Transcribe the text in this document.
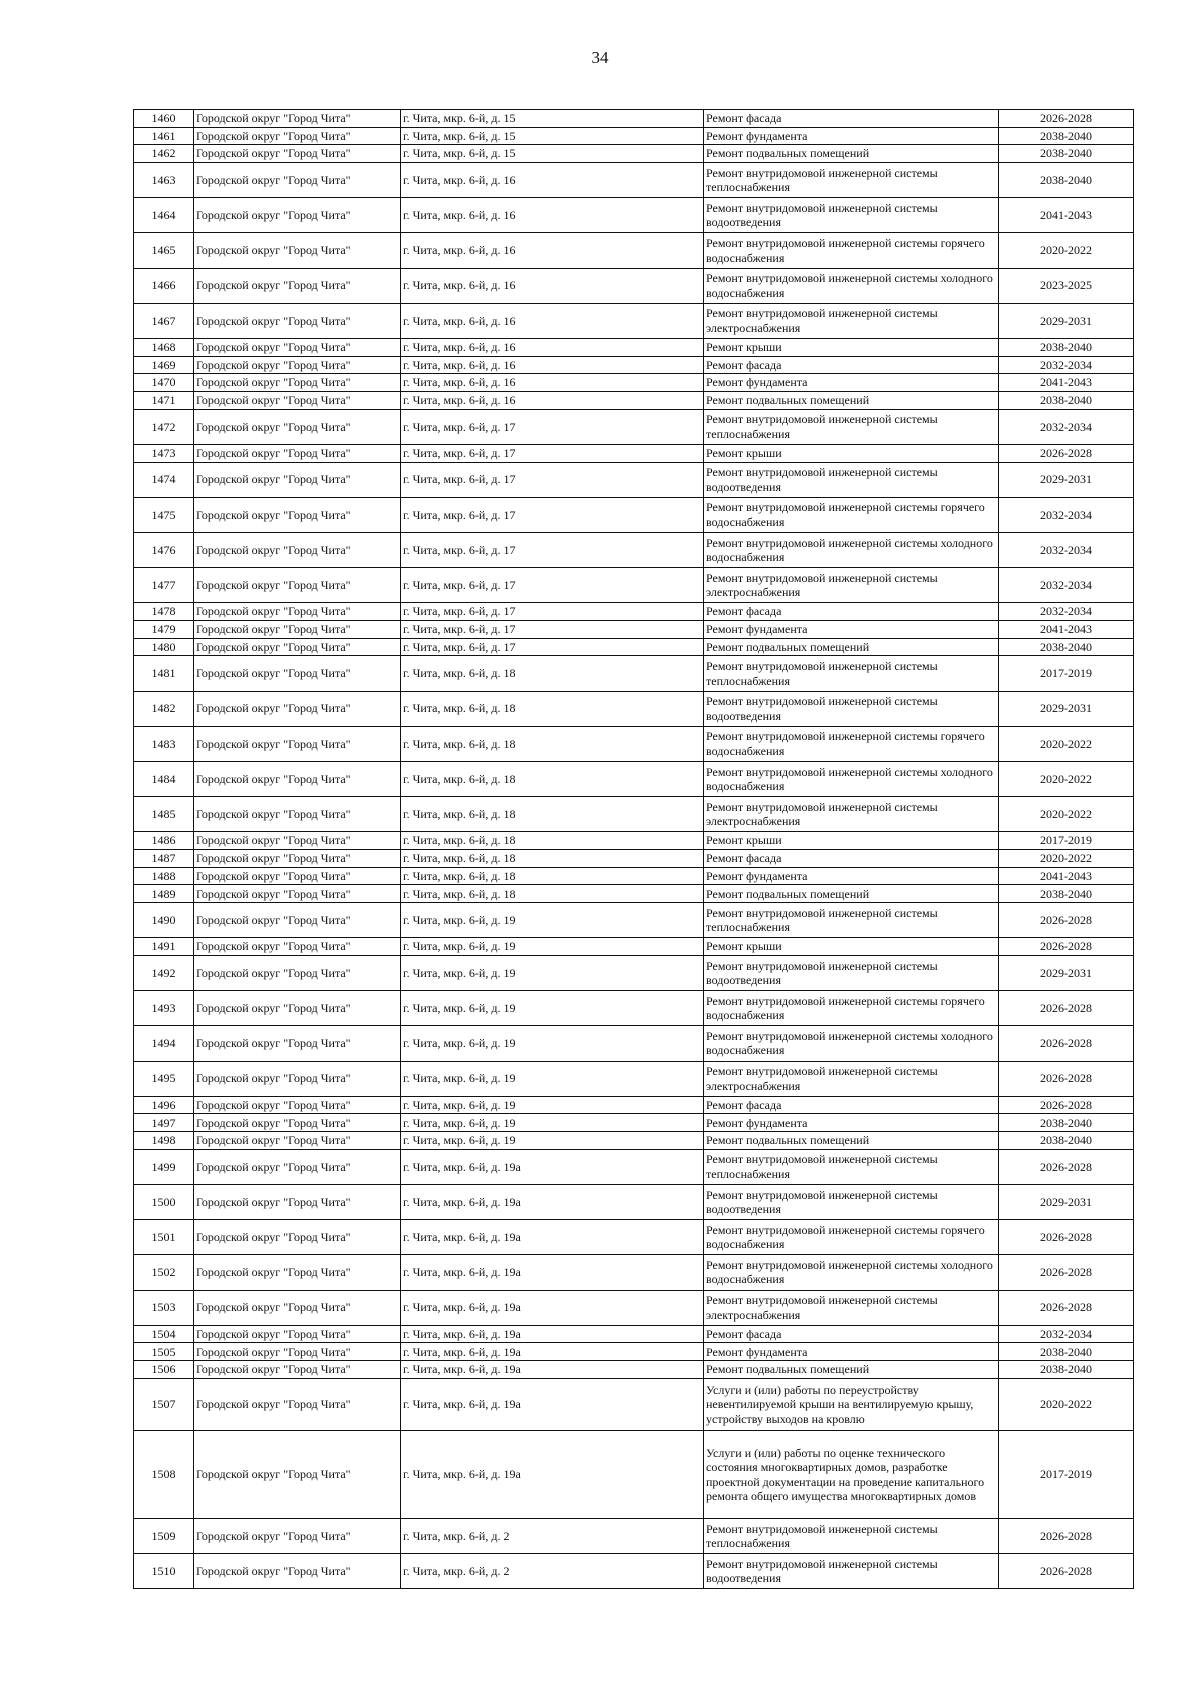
34
1460	Городской округ "Город Чита"	г. Чита, мкр. 6-й, д. 15	Ремонт фасада	2026-2028
1461	Городской округ "Город Чита"	г. Чита, мкр. 6-й, д. 15	Ремонт фундамента	2038-2040
1462	Городской округ "Город Чита"	г. Чита, мкр. 6-й, д. 15	Ремонт подвальных помещений	2038-2040
1463	Городской округ "Город Чита"	г. Чита, мкр. 6-й, д. 16	Ремонт внутридомовой инженерной системы теплоснабжения	2038-2040
1464	Городской округ "Город Чита"	г. Чита, мкр. 6-й, д. 16	Ремонт внутридомовой инженерной системы водоотведения	2041-2043
1465	Городской округ "Город Чита"	г. Чита, мкр. 6-й, д. 16	Ремонт внутридомовой инженерной системы горячего водоснабжения	2020-2022
1466	Городской округ "Город Чита"	г. Чита, мкр. 6-й, д. 16	Ремонт внутридомовой инженерной системы холодного водоснабжения	2023-2025
1467	Городской округ "Город Чита"	г. Чита, мкр. 6-й, д. 16	Ремонт внутридомовой инженерной системы электроснабжения	2029-2031
1468	Городской округ "Город Чита"	г. Чита, мкр. 6-й, д. 16	Ремонт крыши	2038-2040
1469	Городской округ "Город Чита"	г. Чита, мкр. 6-й, д. 16	Ремонт фасада	2032-2034
1470	Городской округ "Город Чита"	г. Чита, мкр. 6-й, д. 16	Ремонт фундамента	2041-2043
1471	Городской округ "Город Чита"	г. Чита, мкр. 6-й, д. 16	Ремонт подвальных помещений	2038-2040
1472	Городской округ "Город Чита"	г. Чита, мкр. 6-й, д. 17	Ремонт внутридомовой инженерной системы теплоснабжения	2032-2034
1473	Городской округ "Город Чита"	г. Чита, мкр. 6-й, д. 17	Ремонт крыши	2026-2028
1474	Городской округ "Город Чита"	г. Чита, мкр. 6-й, д. 17	Ремонт внутридомовой инженерной системы водоотведения	2029-2031
1475	Городской округ "Город Чита"	г. Чита, мкр. 6-й, д. 17	Ремонт внутридомовой инженерной системы горячего водоснабжения	2032-2034
1476	Городской округ "Город Чита"	г. Чита, мкр. 6-й, д. 17	Ремонт внутридомовой инженерной системы холодного водоснабжения	2032-2034
1477	Городской округ "Город Чита"	г. Чита, мкр. 6-й, д. 17	Ремонт внутридомовой инженерной системы электроснабжения	2032-2034
1478	Городской округ "Город Чита"	г. Чита, мкр. 6-й, д. 17	Ремонт фасада	2032-2034
1479	Городской округ "Город Чита"	г. Чита, мкр. 6-й, д. 17	Ремонт фундамента	2041-2043
1480	Городской округ "Город Чита"	г. Чита, мкр. 6-й, д. 17	Ремонт подвальных помещений	2038-2040
1481	Городской округ "Город Чита"	г. Чита, мкр. 6-й, д. 18	Ремонт внутридомовой инженерной системы теплоснабжения	2017-2019
1482	Городской округ "Город Чита"	г. Чита, мкр. 6-й, д. 18	Ремонт внутридомовой инженерной системы водоотведения	2029-2031
1483	Городской округ "Город Чита"	г. Чита, мкр. 6-й, д. 18	Ремонт внутридомовой инженерной системы горячего водоснабжения	2020-2022
1484	Городской округ "Город Чита"	г. Чита, мкр. 6-й, д. 18	Ремонт внутридомовой инженерной системы холодного водоснабжения	2020-2022
1485	Городской округ "Город Чита"	г. Чита, мкр. 6-й, д. 18	Ремонт внутридомовой инженерной системы электроснабжения	2020-2022
1486	Городской округ "Город Чита"	г. Чита, мкр. 6-й, д. 18	Ремонт крыши	2017-2019
1487	Городской округ "Город Чита"	г. Чита, мкр. 6-й, д. 18	Ремонт фасада	2020-2022
1488	Городской округ "Город Чита"	г. Чита, мкр. 6-й, д. 18	Ремонт фундамента	2041-2043
1489	Городской округ "Город Чита"	г. Чита, мкр. 6-й, д. 18	Ремонт подвальных помещений	2038-2040
1490	Городской округ "Город Чита"	г. Чита, мкр. 6-й, д. 19	Ремонт внутридомовой инженерной системы теплоснабжения	2026-2028
1491	Городской округ "Город Чита"	г. Чита, мкр. 6-й, д. 19	Ремонт крыши	2026-2028
1492	Городской округ "Город Чита"	г. Чита, мкр. 6-й, д. 19	Ремонт внутридомовой инженерной системы водоотведения	2029-2031
1493	Городской округ "Город Чита"	г. Чита, мкр. 6-й, д. 19	Ремонт внутридомовой инженерной системы горячего водоснабжения	2026-2028
1494	Городской округ "Город Чита"	г. Чита, мкр. 6-й, д. 19	Ремонт внутридомовой инженерной системы холодного водоснабжения	2026-2028
1495	Городской округ "Город Чита"	г. Чита, мкр. 6-й, д. 19	Ремонт внутридомовой инженерной системы электроснабжения	2026-2028
1496	Городской округ "Город Чита"	г. Чита, мкр. 6-й, д. 19	Ремонт фасада	2026-2028
1497	Городской округ "Город Чита"	г. Чита, мкр. 6-й, д. 19	Ремонт фундамента	2038-2040
1498	Городской округ "Город Чита"	г. Чита, мкр. 6-й, д. 19	Ремонт подвальных помещений	2038-2040
1499	Городской округ "Город Чита"	г. Чита, мкр. 6-й, д. 19а	Ремонт внутридомовой инженерной системы теплоснабжения	2026-2028
1500	Городской округ "Город Чита"	г. Чита, мкр. 6-й, д. 19а	Ремонт внутридомовой инженерной системы водоотведения	2029-2031
1501	Городской округ "Город Чита"	г. Чита, мкр. 6-й, д. 19а	Ремонт внутридомовой инженерной системы горячего водоснабжения	2026-2028
1502	Городской округ "Город Чита"	г. Чита, мкр. 6-й, д. 19а	Ремонт внутридомовой инженерной системы холодного водоснабжения	2026-2028
1503	Городской округ "Город Чита"	г. Чита, мкр. 6-й, д. 19а	Ремонт внутридомовой инженерной системы электроснабжения	2026-2028
1504	Городской округ "Город Чита"	г. Чита, мкр. 6-й, д. 19а	Ремонт фасада	2032-2034
1505	Городской округ "Город Чита"	г. Чита, мкр. 6-й, д. 19а	Ремонт фундамента	2038-2040
1506	Городской округ "Город Чита"	г. Чита, мкр. 6-й, д. 19а	Ремонт подвальных помещений	2038-2040
1507	Городской округ "Город Чита"	г. Чита, мкр. 6-й, д. 19а	Услуги и (или) работы по переустройству невентилируемой крыши на вентилируемую крышу, устройству выходов на кровлю	2020-2022
1508	Городской округ "Город Чита"	г. Чита, мкр. 6-й, д. 19а	Услуги и (или) работы по оценке технического состояния многоквартирных домов, разработке проектной документации на проведение капитального ремонта общего имущества многоквартирных домов	2017-2019
1509	Городской округ "Город Чита"	г. Чита, мкр. 6-й, д. 2	Ремонт внутридомовой инженерной системы теплоснабжения	2026-2028
1510	Городской округ "Город Чита"	г. Чита, мкр. 6-й, д. 2	Ремонт внутридомовой инженерной системы водоотведения	2026-2028
